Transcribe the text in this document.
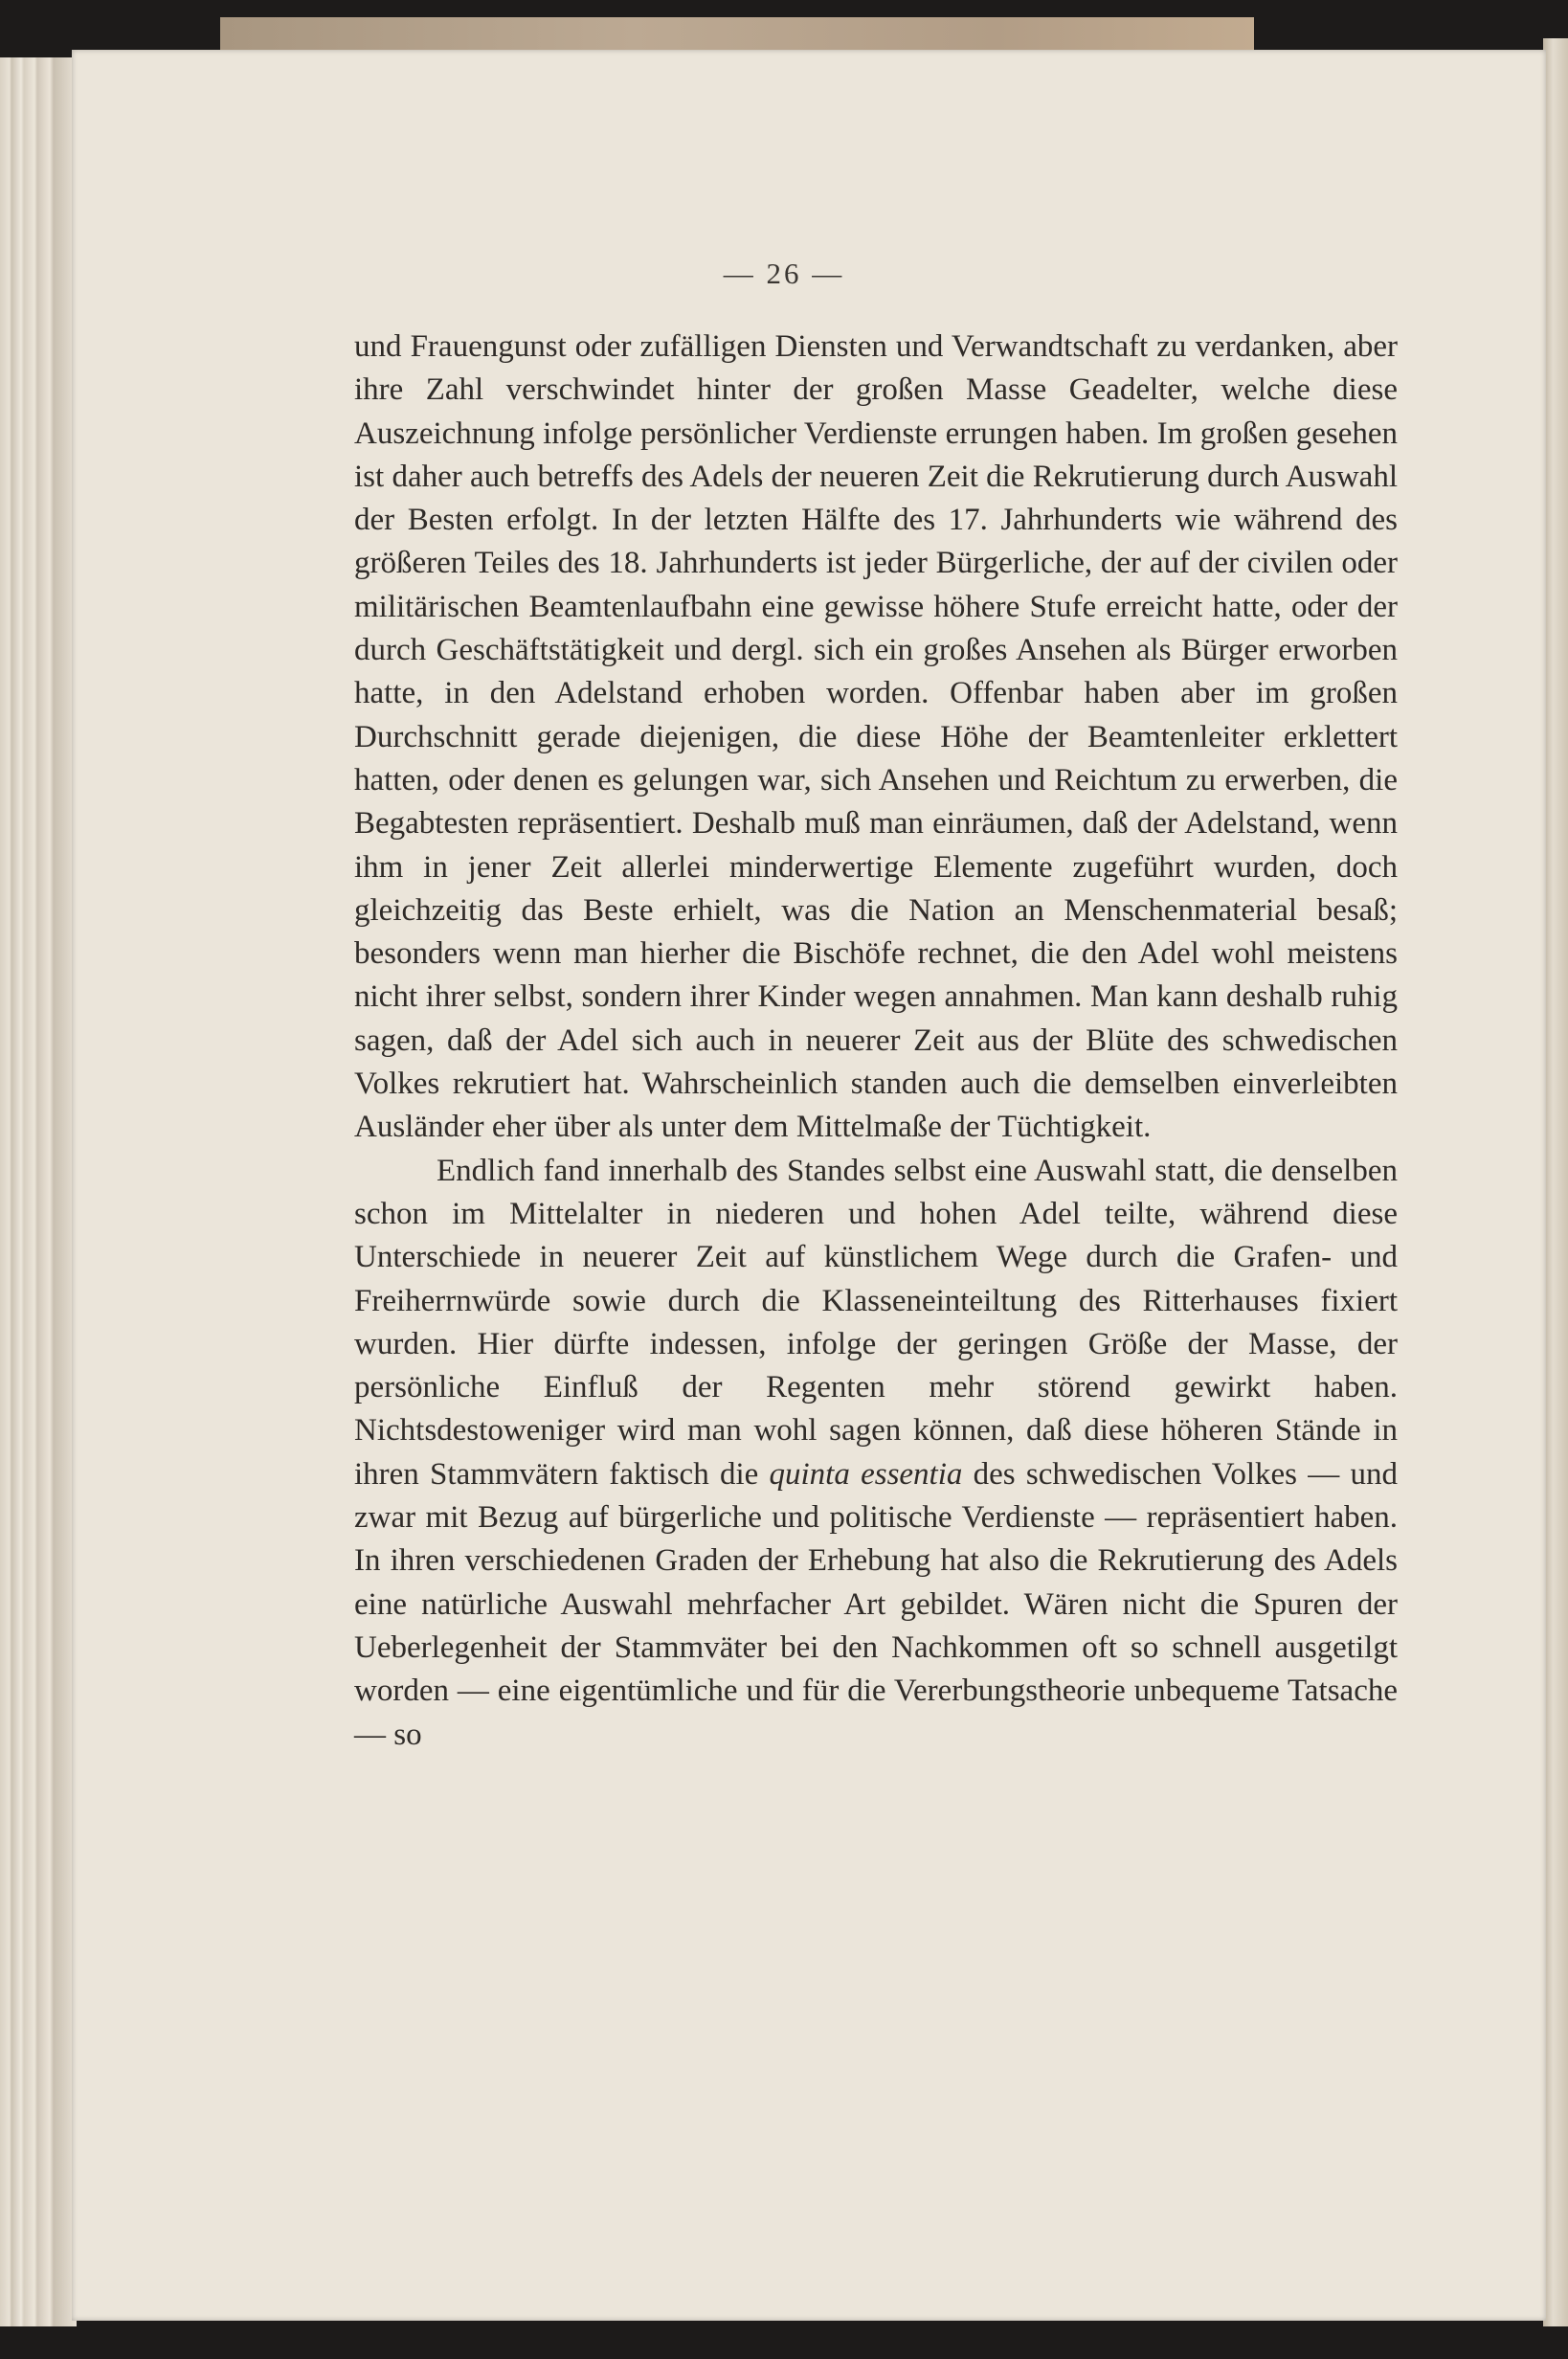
— 26 —

und Frauengunst oder zufälligen Diensten und Verwandtschaft zu verdanken, aber ihre Zahl verschwindet hinter der großen Masse Geadelter, welche diese Auszeichnung infolge persönlicher Verdienste errungen haben. Im großen gesehen ist daher auch betreffs des Adels der neueren Zeit die Rekrutierung durch Auswahl der Besten erfolgt. In der letzten Hälfte des 17. Jahrhunderts wie während des größeren Teiles des 18. Jahrhunderts ist jeder Bürgerliche, der auf der civilen oder militärischen Beamtenlaufbahn eine gewisse höhere Stufe erreicht hatte, oder der durch Geschäftstätigkeit und dergl. sich ein großes Ansehen als Bürger erworben hatte, in den Adelstand erhoben worden. Offenbar haben aber im großen Durchschnitt gerade diejenigen, die diese Höhe der Beamtenleiter erklettert hatten, oder denen es gelungen war, sich Ansehen und Reichtum zu erwerben, die Begabtesten repräsentiert. Deshalb muß man einräumen, daß der Adelstand, wenn ihm in jener Zeit allerlei minderwertige Elemente zugeführt wurden, doch gleichzeitig das Beste erhielt, was die Nation an Menschenmaterial besaß; besonders wenn man hierher die Bischöfe rechnet, die den Adel wohl meistens nicht ihrer selbst, sondern ihrer Kinder wegen annahmen. Man kann deshalb ruhig sagen, daß der Adel sich auch in neuerer Zeit aus der Blüte des schwedischen Volkes rekrutiert hat. Wahrscheinlich standen auch die demselben einverleibten Ausländer eher über als unter dem Mittelmaße der Tüchtigkeit.

Endlich fand innerhalb des Standes selbst eine Auswahl statt, die denselben schon im Mittelalter in niederen und hohen Adel teilte, während diese Unterschiede in neuerer Zeit auf künstlichem Wege durch die Grafen- und Freiherrnwürde sowie durch die Klasseneinteiltung des Ritterhauses fixiert wurden. Hier dürfte indessen, infolge der geringen Größe der Masse, der persönliche Einfluß der Regenten mehr störend gewirkt haben. Nichtsdestoweniger wird man wohl sagen können, daß diese höheren Stände in ihren Stammvätern faktisch die quinta essentia des schwedischen Volkes — und zwar mit Bezug auf bürgerliche und politische Verdienste — repräsentiert haben. In ihren verschiedenen Graden der Erhebung hat also die Rekrutierung des Adels eine natürliche Auswahl mehrfacher Art gebildet. Wären nicht die Spuren der Ueberlegenheit der Stammväter bei den Nachkommen oft so schnell ausgetilgt worden — eine eigentümliche und für die Vererbungstheorie unbequeme Tatsache — so
